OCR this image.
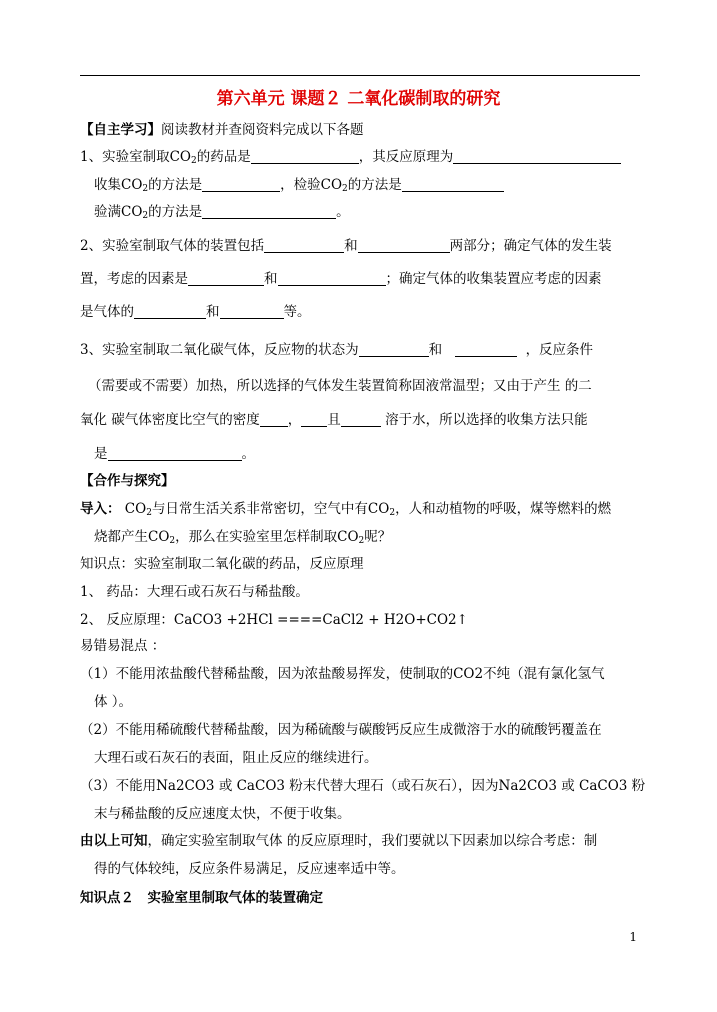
第六单元 课题２ 二氧化碳制取的研究
【自主学习】阅读教材并查阅资料完成以下各题
1、实验室制取$CO_2$的药品是	，其反应原理为
收集$CO_2$的方法是	，检验$CO_2$的方法是
验满$CO_2$的方法是	。
2、实验室制取气体的装置包括	和	两部分；确定气体的发生装
置，考虑的因素是	和	；确定气体的收集装置应考虑的因素
是气体的	和	等。
3、实验室制取二氧化碳气体，反应物的状态为	和	，反应条件
（需要或不需要）加热，所以选择的气体发生装置简称固液常温型；又由于产生 的二
氧化 碳气体密度比空气的密度 ， 且	溶于水，所以选择的收集方法只能
是	。
【合作与探究】
导入： $CO_2$与日常生活关系非常密切，空气中有$CO_2$，人和动植物的呼吸，煤等燃料的燃
烧都产生$CO_2$，那么在实验室里怎样制取$CO_2$呢？
知识点：实验室制取二氧化碳的药品，反应原理
1、 药品：大理石或石灰石与稀盐酸。
2、 反应原理：CaCO3 +2HCl ====CaCl2 + H2O+CO2↑
易错易混点 ：
（1）不能用浓盐酸代替稀盐酸，因为浓盐酸易挥发，使制取的CO2不纯（混有氯化氢气
体 ）。
（2）不能用稀硫酸代替稀盐酸，因为稀硫酸与碳酸钙反应生成微溶于水的硫酸钙覆盖在
大理石或石灰石的表面，阻止反应的继续进行。
（3）不能用Na2CO3 或 CaCO3 粉末代替大理石（或石灰石），因为Na2CO3 或 CaCO3 粉
末与稀盐酸的反应速度太快，不便于收集。
由以上可知，确定实验室制取气体 的反应原理时，我们要就以下因素加以综合考虑：制
得的气体较纯，反应条件易满足，反应速率适中等。
知识点２　实验室里制取气体的装置确定
1
